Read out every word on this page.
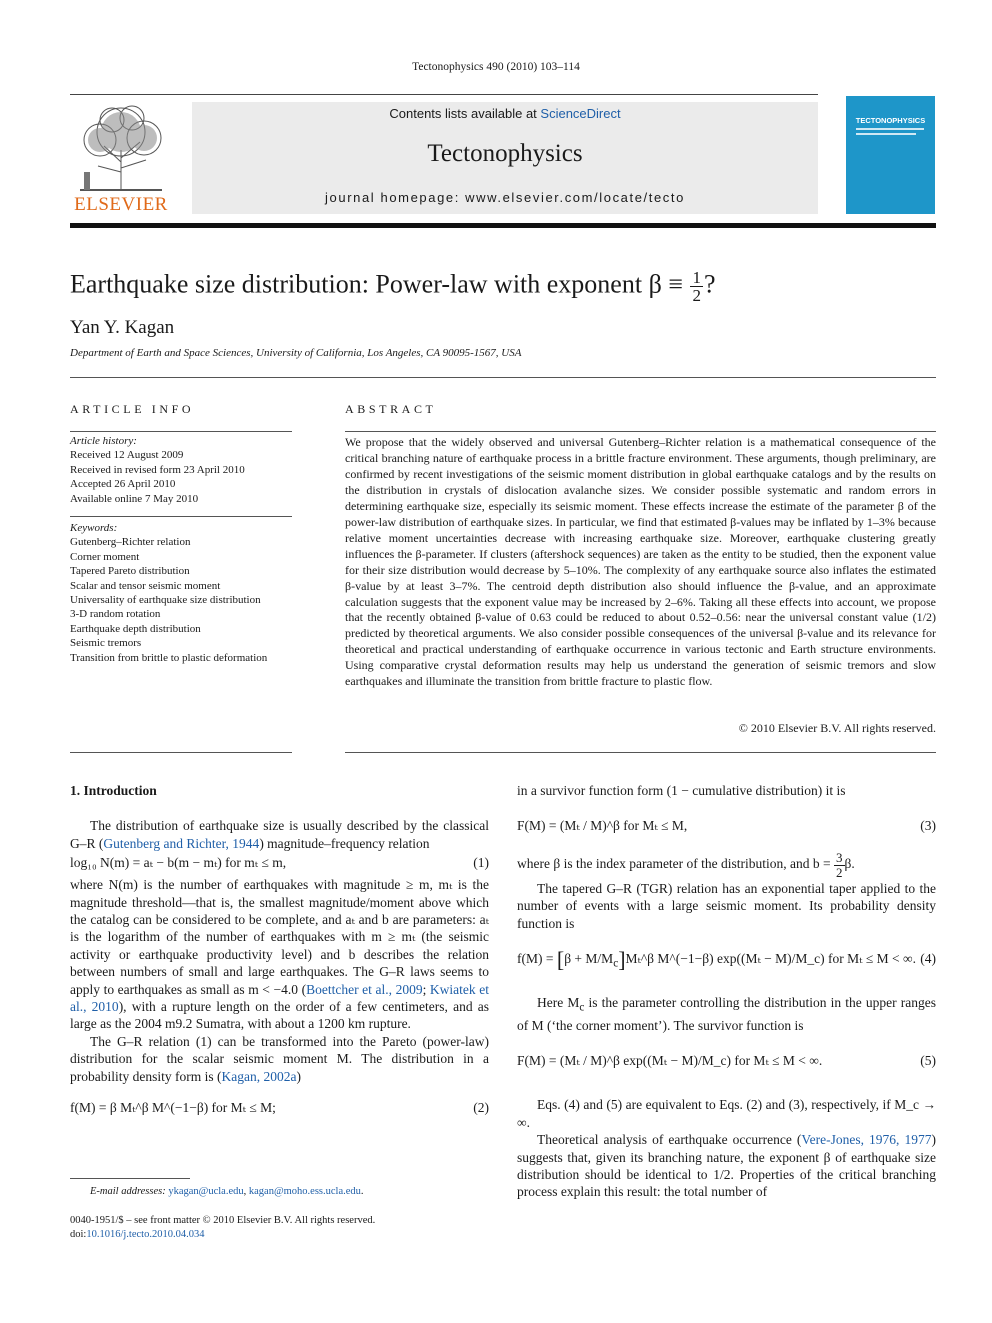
Tectonophysics 490 (2010) 103–114
ELSEVIER
Contents lists available at ScienceDirect
Tectonophysics
journal homepage: www.elsevier.com/locate/tecto
TECTONOPHYSICS
Earthquake size distribution: Power-law with exponent $\beta \equiv \frac{1}{2}$ ?
Yan Y. Kagan
Department of Earth and Space Sciences, University of California, Los Angeles, CA 90095-1567, USA
ARTICLE INFO
Article history:
Received 12 August 2009
Received in revised form 23 April 2010
Accepted 26 April 2010
Available online 7 May 2010
Keywords:
Gutenberg–Richter relation
Corner moment
Tapered Pareto distribution
Scalar and tensor seismic moment
Universality of earthquake size distribution
3-D random rotation
Earthquake depth distribution
Seismic tremors
Transition from brittle to plastic deformation
ABSTRACT
We propose that the widely observed and universal Gutenberg–Richter relation is a mathematical consequence of the critical branching nature of earthquake process in a brittle fracture environment. These arguments, though preliminary, are confirmed by recent investigations of the seismic moment distribution in global earthquake catalogs and by the results on the distribution in crystals of dislocation avalanche sizes. We consider possible systematic and random errors in determining earthquake size, especially its seismic moment. These effects increase the estimate of the parameter β of the power-law distribution of earthquake sizes. In particular, we find that estimated β-values may be inflated by 1–3% because relative moment uncertainties decrease with increasing earthquake size. Moreover, earthquake clustering greatly influences the β-parameter. If clusters (aftershock sequences) are taken as the entity to be studied, then the exponent value for their size distribution would decrease by 5–10%. The complexity of any earthquake source also inflates the estimated β-value by at least 3–7%. The centroid depth distribution also should influence the β-value, and an approximate calculation suggests that the exponent value may be increased by 2–6%. Taking all these effects into account, we propose that the recently obtained β-value of 0.63 could be reduced to about 0.52–0.56: near the universal constant value (1/2) predicted by theoretical arguments. We also consider possible consequences of the universal β-value and its relevance for theoretical and practical understanding of earthquake occurrence in various tectonic and Earth structure environments. Using comparative crystal deformation results may help us understand the generation of seismic tremors and slow earthquakes and illuminate the transition from brittle fracture to plastic flow.
© 2010 Elsevier B.V. All rights reserved.
1. Introduction

The distribution of earthquake size is usually described by the classical G–R (Gutenberg and Richter, 1944) magnitude–frequency relation

log₁₀ N(m) = aₜ − b(m − mₜ) for mₜ ≤ m,	(1)

where N(m) is the number of earthquakes with magnitude ≥ m, mₜ is the magnitude threshold—that is, the smallest magnitude/moment above which the catalog can be considered to be complete, and aₜ and b are parameters: aₜ is the logarithm of the number of earthquakes with m ≥ mₜ (the seismic activity or earthquake productivity level) and b describes the relation between numbers of small and large earthquakes. The G–R laws seems to apply to earthquakes as small as m < −4.0 (Boettcher et al., 2009; Kwiatek et al., 2010), with a rupture length on the order of a few centimeters, and as large as the 2004 m9.2 Sumatra, with about a 1200 km rupture.

The G–R relation (1) can be transformed into the Pareto (power-law) distribution for the scalar seismic moment M. The distribution in a probability density form is (Kagan, 2002a)

f(M) = β Mₜ^β M^(−1−β) for Mₜ ≤ M;	(2)

in a survivor function form (1 − cumulative distribution) it is

F(M) = (Mₜ / M)^β for Mₜ ≤ M,	(3)

where β is the index parameter of the distribution, and $b = \frac{3}{2} \beta$.

The tapered G–R (TGR) relation has an exponential taper applied to the number of events with a large seismic moment. Its probability density function is

$f(M) = [\beta + M/M_c]M_t\^{}\beta$ M^(−1−β) exp((Mₜ − M)/M_c) for Mₜ ≤ M < ∞. (4)

Here $M_c$ is the parameter controlling the distribution in the upper ranges of M (‘the corner moment’). The survivor function is

F(M) = (Mₜ / M)^β exp((Mₜ − M)/M_c) for Mₜ ≤ M < ∞.	(5)

Eqs. (4) and (5) are equivalent to Eqs. (2) and (3), respectively, if M_c → ∞.

Theoretical analysis of earthquake occurrence (Vere-Jones, 1976, 1977) suggests that, given its branching nature, the exponent β of earthquake size distribution should be identical to 1/2. Properties of the critical branching process explain this result: the total number of

E-mail addresses: ykagan@ucla.edu, kagan@moho.ess.ucla.edu.
0040-1951/$ – see front matter © 2010 Elsevier B.V. All rights reserved.
doi:10.1016/j.tecto.2010.04.034
